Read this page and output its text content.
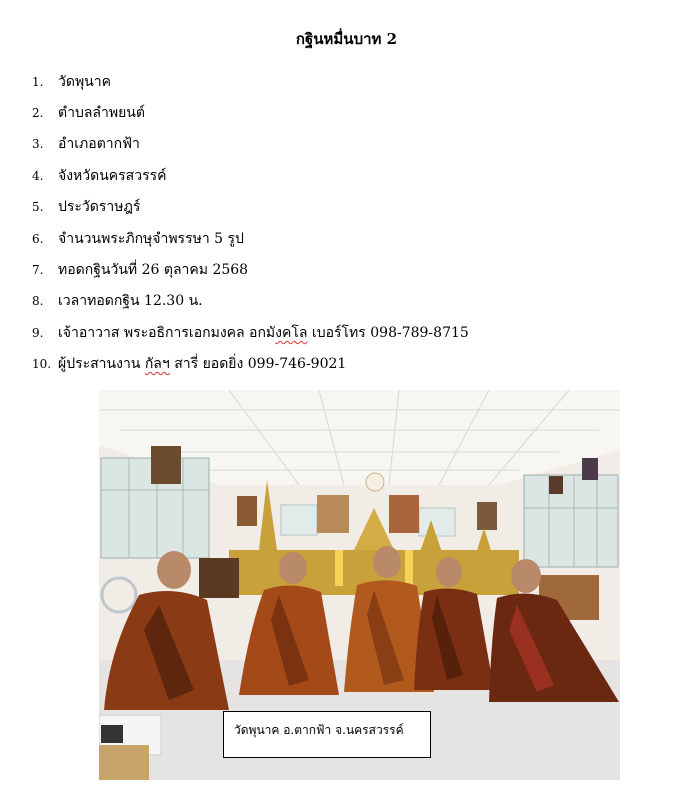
กฐินหมื่นบาท 2
1.	วัดพุนาค
2.	ตำบลลำพยนต์
3.	อำเภอตากฟ้า
4.	จังหวัดนครสวรรค์
5.	ประวัดราษฎร์
6.	จำนวนพระภิกษุจำพรรษา 5 รูป
7.	ทอดกฐินวันที่ 26 ตุลาคม 2568
8.	เวลาทอดกฐิน 12.30 น.
9.	เจ้าอาวาส พระอธิการเอกมงคล อกมังคโล เบอร์โทร 098-789-8715
10. ผู้ประสานงาน กัลฯ สารี่ ยอดยิ่ง 099-746-9021
วัดพุนาค อ.ตากฟ้า จ.นครสวรรค์
